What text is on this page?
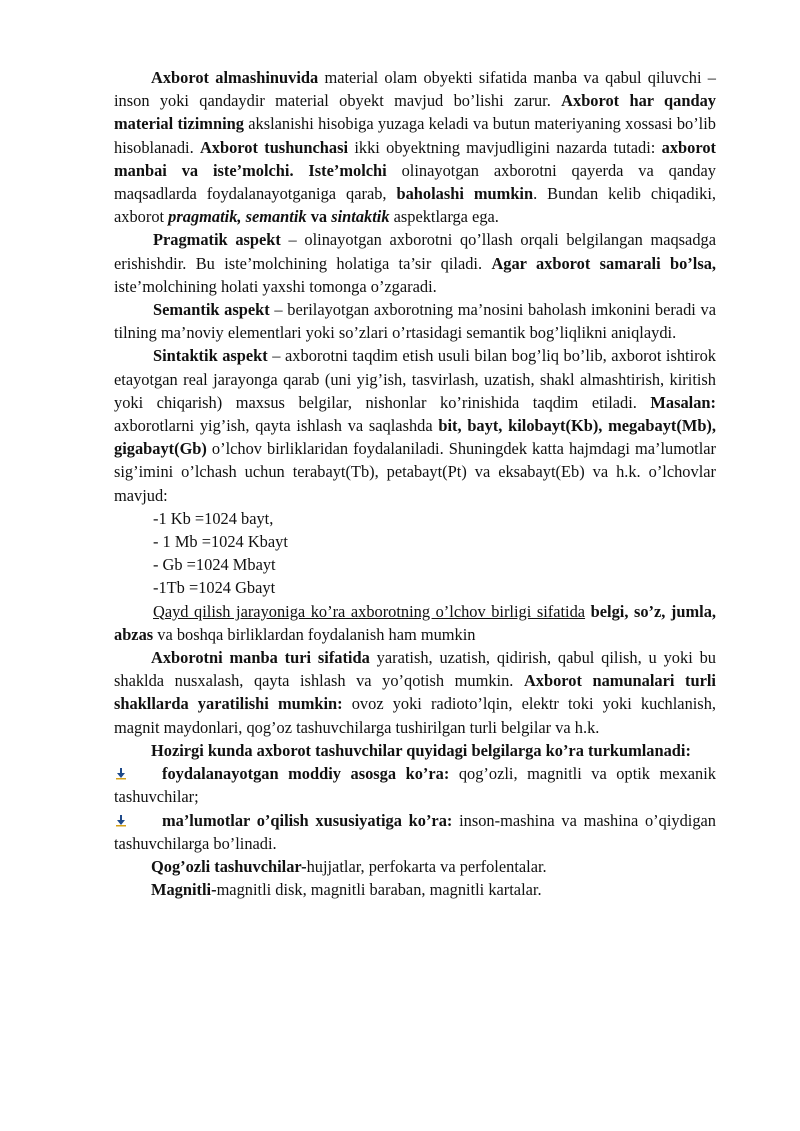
Axborot almashinuvida material olam obyekti sifatida manba va qabul qiluvchi – inson yoki qandaydir material obyekt mavjud bo’lishi zarur. Axborot har qanday material tizimning akslanishi hisobiga yuzaga keladi va butun materiyaning xossasi bo’lib hisoblanadi. Axborot tushunchasi ikki obyektning mavjudligini nazarda tutadi: axborot manbai va iste’molchi. Iste’molchi olinayotgan axborotni qayerda va qanday maqsadlarda foydalanayotganiga qarab, baholashi mumkin. Bundan kelib chiqadiki, axborot pragmatik, semantik va sintaktik aspektlarga ega.

Pragmatik aspekt – olinayotgan axborotni qo’llash orqali belgilangan maqsadga erishishdir. Bu iste’molchining holatiga ta’sir qiladi. Agar axborot samarali bo’lsa, iste’molchining holati yaxshi tomonga o’zgaradi.

Semantik aspekt – berilayotgan axborotning ma’nosini baholash imkonini beradi va tilning ma’noviy elementlari yoki so’zlari o’rtasidagi semantik bog’liqlikni aniqlaydi.

Sintaktik aspekt – axborotni taqdim etish usuli bilan bog’liq bo’lib, axborot ishtirok etayotgan real jarayonga qarab (uni yig’ish, tasvirlash, uzatish, shakl almashtirish, kiritish yoki chiqarish) maxsus belgilar, nishonlar ko’rinishida taqdim etiladi. Masalan: axborotlarni yig’ish, qayta ishlash va saqlashda bit, bayt, kilobayt(Kb), megabayt(Mb), gigabayt(Gb) o’lchov birliklaridan foydalaniladi. Shuningdek katta hajmdagi ma’lumotlar sig’imini o’lchash uchun terabayt(Tb), petabayt(Pt) va eksabayt(Eb) va h.k. o’lchovlar mavjud:

-1 Kb =1024 bayt,

- 1 Mb =1024 Kbayt

- Gb =1024 Mbayt

-1Tb =1024 Gbayt

Qayd qilish jarayoniga ko’ra axborotning o’lchov birligi sifatida belgi, so’z, jumla, abzas va boshqa birliklardan foydalanish ham mumkin

Axborotni manba turi sifatida yaratish, uzatish, qidirish, qabul qilish, u yoki bu shaklda nusxalash, qayta ishlash va yo’qotish mumkin. Axborot namunalari turli shakllarda yaratilishi mumkin: ovoz yoki radioto’lqin, elektr toki yoki kuchlanish, magnit maydonlari, qog’oz tashuvchilarga tushirilgan turli belgilar va h.k.

Hozirgi kunda axborot tashuvchilar quyidagi belgilarga ko’ra turkumlanadi:

foydalanayotgan moddiy asosga ko’ra: qog’ozli, magnitli va optik mexanik tashuvchilar;

ma’lumotlar o’qilish xususiyatiga ko’ra: inson-mashina va mashina o’qiydigan tashuvchilarga bo’linadi.

Qog’ozli tashuvchilar-hujjatlar, perfokarta va perfolentalar.

Magnitli-magnitli disk, magnitli baraban, magnitli kartalar.
